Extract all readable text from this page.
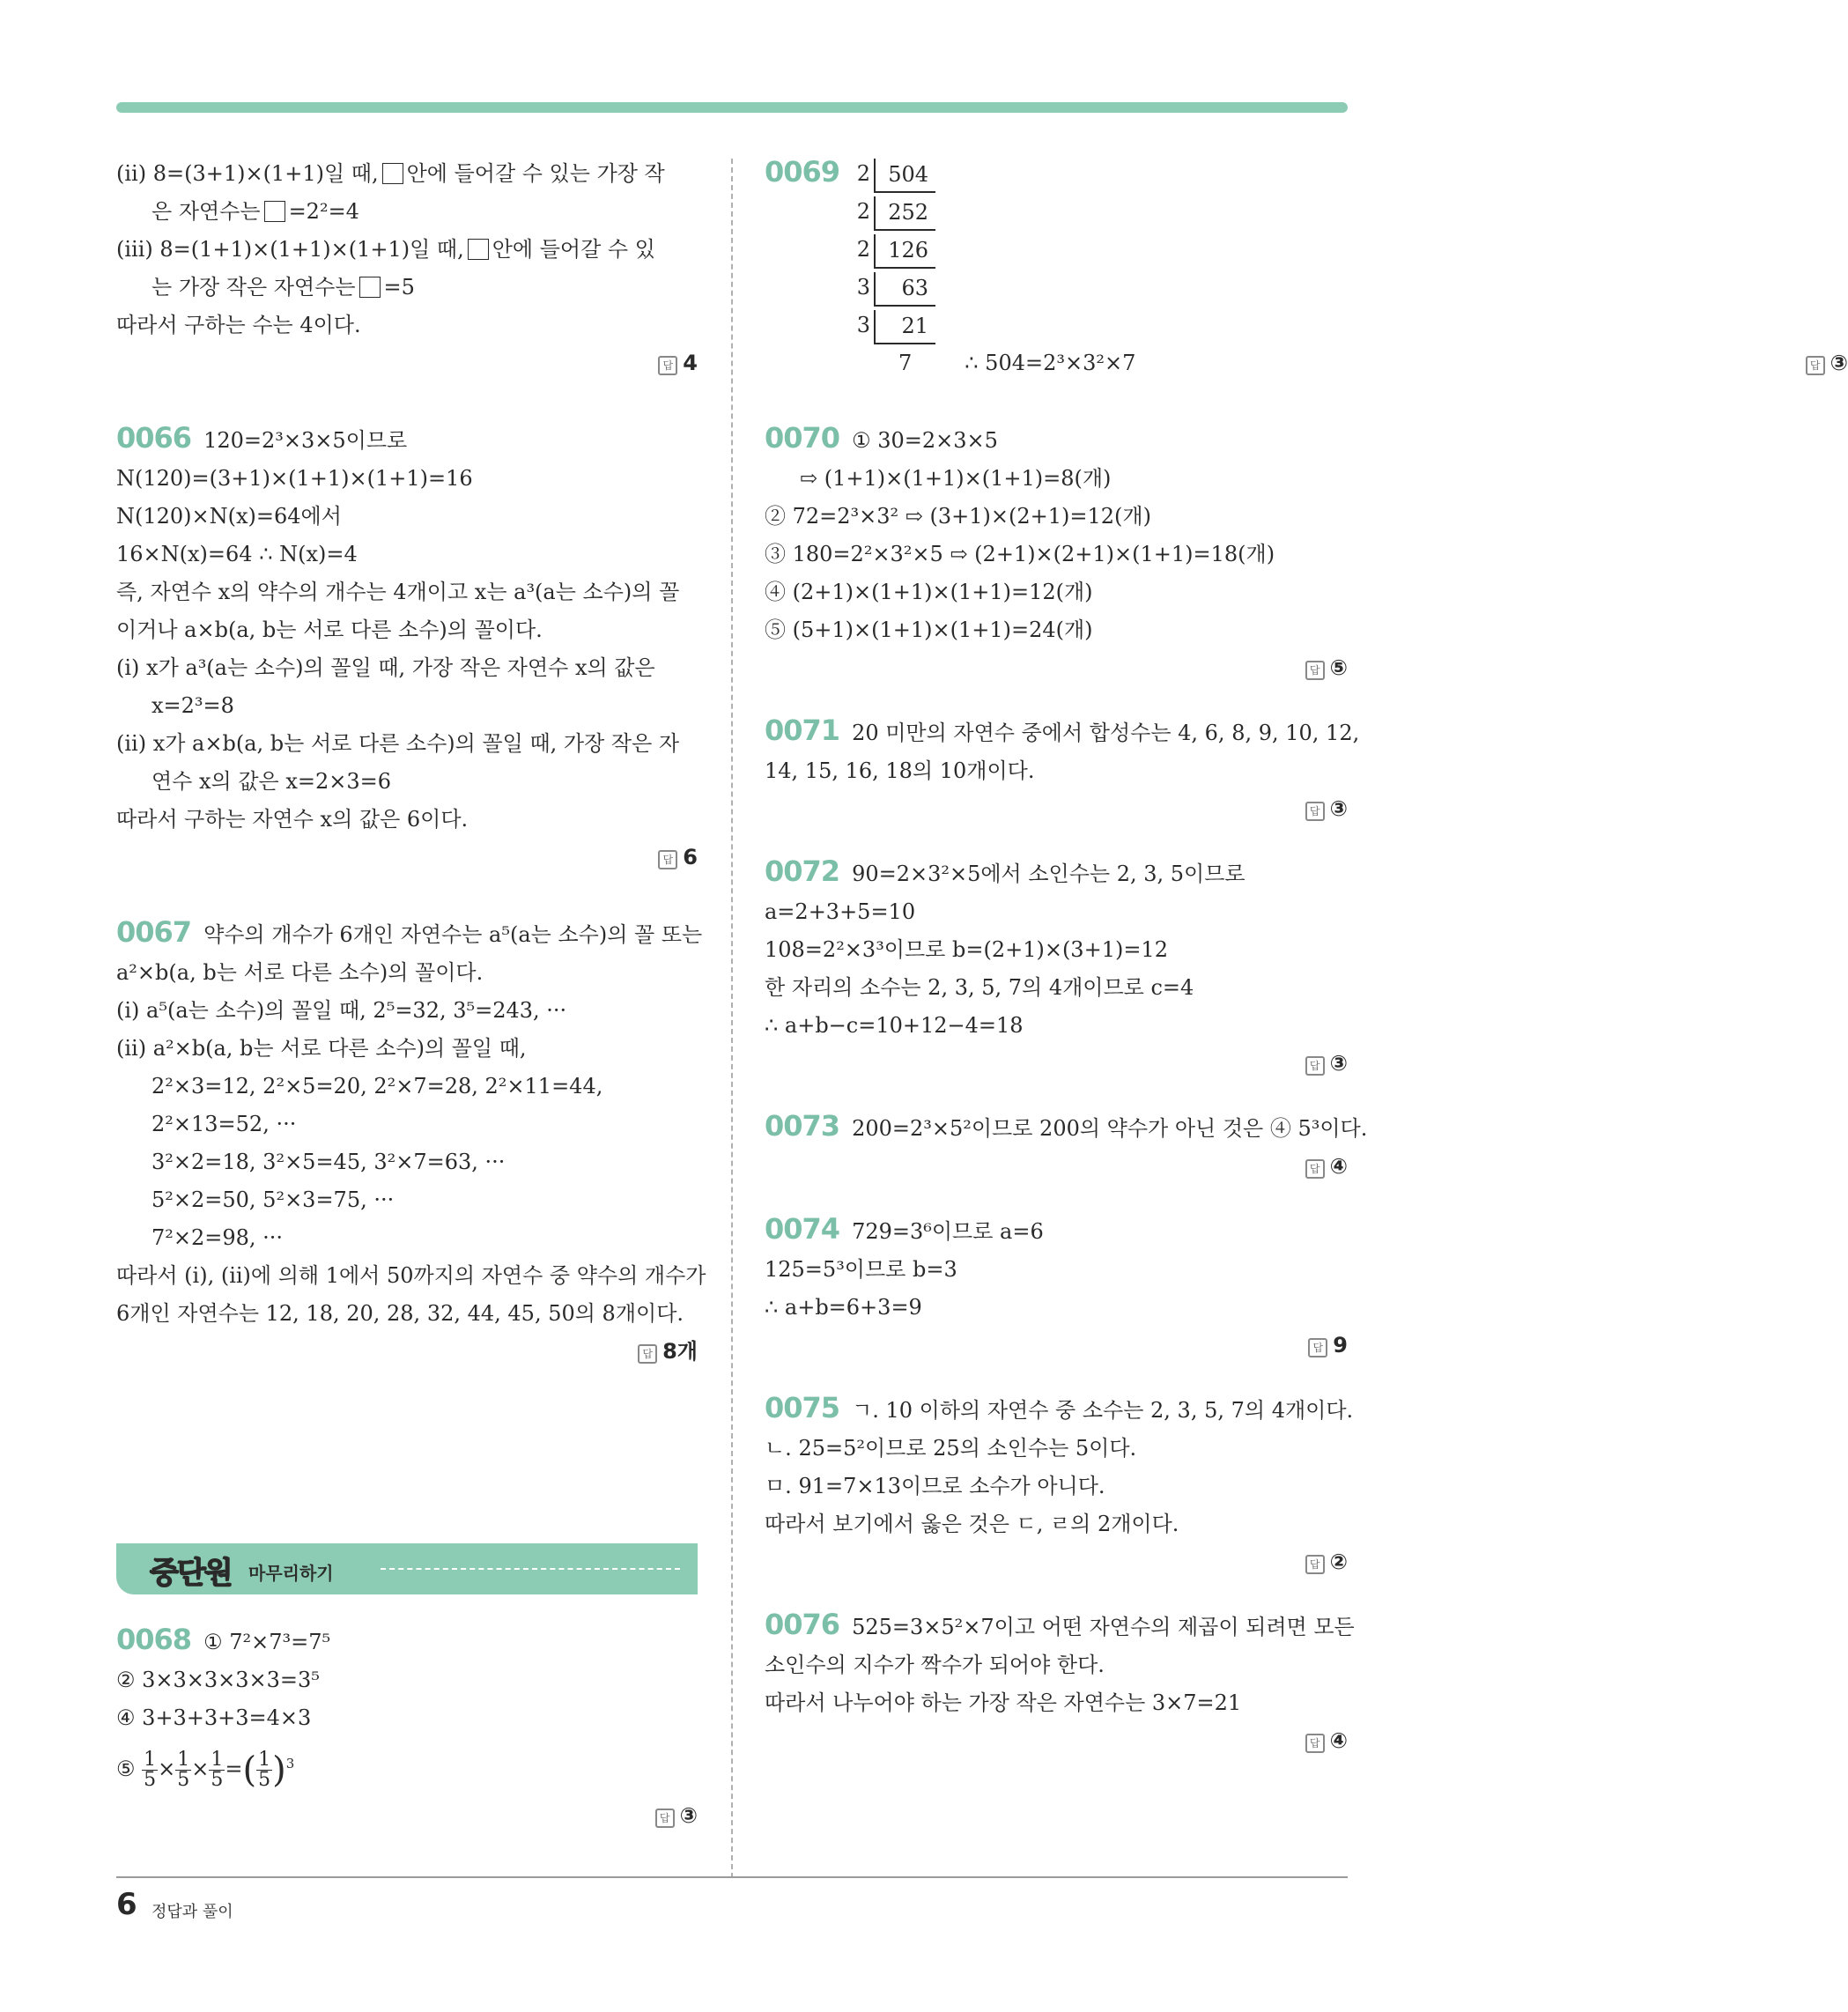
(ⅱ) 8=(3+1)×(1+1)일 때, 안에 들어갈 수 있는 가장 작
은 자연수는 =2²=4
(ⅲ) 8=(1+1)×(1+1)×(1+1)일 때, 안에 들어갈 수 있
는 가장 작은 자연수는 =5
따라서 구하는 수는 4이다.
답 4
0066 120=2³×3×5이므로
N(120)=(3+1)×(1+1)×(1+1)=16
N(120)×N(x)=64에서
16×N(x)=64 ∴ N(x)=4
즉, 자연수 x의 약수의 개수는 4개이고 x는 a³(a는 소수)의 꼴
이거나 a×b(a, b는 서로 다른 소수)의 꼴이다.
(ⅰ) x가 a³(a는 소수)의 꼴일 때, 가장 작은 자연수 x의 값은
x=2³=8
(ⅱ) x가 a×b(a, b는 서로 다른 소수)의 꼴일 때, 가장 작은 자
연수 x의 값은 x=2×3=6
따라서 구하는 자연수 x의 값은 6이다.
답 6
0067 약수의 개수가 6개인 자연수는 a⁵(a는 소수)의 꼴 또는
a²×b(a, b는 서로 다른 소수)의 꼴이다.
(ⅰ) a⁵(a는 소수)의 꼴일 때, 2⁵=32, 3⁵=243, ···
(ⅱ) a²×b(a, b는 서로 다른 소수)의 꼴일 때,
2²×3=12, 2²×5=20, 2²×7=28, 2²×11=44,
2²×13=52, ···
3²×2=18, 3²×5=45, 3²×7=63, ···
5²×2=50, 5²×3=75, ···
7²×2=98, ···
따라서 (ⅰ), (ⅱ)에 의해 1에서 50까지의 자연수 중 약수의 개수가
6개인 자연수는 12, 18, 20, 28, 32, 44, 45, 50의 8개이다.
답 8개
중단원 마무리하기
0068 ① 7²×7³=7⁵
② 3×3×3×3×3=3⁵
④ 3+3+3+3=4×3
⑤ $\frac{1}{5} \times \frac{1}{5} \times \frac{1}{5}$ =( $\frac{1}{5} )^3$
답 ③
0069 2 504
2 252
2 126
3	63
3	21
7	∴ 504=2³×3²×7	답 ③
0070 ① 30=2×3×5
⇨ (1+1)×(1+1)×(1+1)=8(개)
② 72=2³×3² ⇨ (3+1)×(2+1)=12(개)
③ 180=2²×3²×5 ⇨ (2+1)×(2+1)×(1+1)=18(개)
④ (2+1)×(1+1)×(1+1)=12(개)
⑤ (5+1)×(1+1)×(1+1)=24(개)
답 ⑤
0071 20 미만의 자연수 중에서 합성수는 4, 6, 8, 9, 10, 12,
14, 15, 16, 18의 10개이다.
답 ③
0072 90=2×3²×5에서 소인수는 2, 3, 5이므로
a=2+3+5=10
108=2²×3³이므로 b=(2+1)×(3+1)=12
한 자리의 소수는 2, 3, 5, 7의 4개이므로 c=4
∴ a+b−c=10+12−4=18
답 ③
0073 200=2³×5²이므로 200의 약수가 아닌 것은 ④ 5³이다.
답 ④
0074 729=3⁶이므로 a=6
125=5³이므로 b=3
∴ a+b=6+3=9
답 9
0075 ㄱ. 10 이하의 자연수 중 소수는 2, 3, 5, 7의 4개이다.
ㄴ. 25=5²이므로 25의 소인수는 5이다.
ㅁ. 91=7×13이므로 소수가 아니다.
따라서 보기에서 옳은 것은 ㄷ, ㄹ의 2개이다.
답 ②
0076 525=3×5²×7이고 어떤 자연수의 제곱이 되려면 모든
소인수의 지수가 짝수가 되어야 한다.
따라서 나누어야 하는 가장 작은 자연수는 3×7=21
답 ④
6 정답과 풀이
